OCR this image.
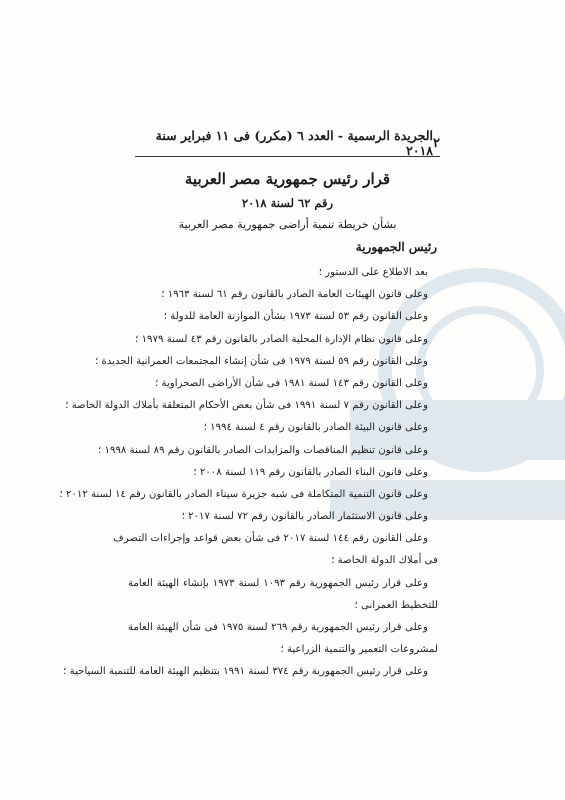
٢
الجريدة الرسمية - العدد ٦ (مكرر) فى ١١ فبراير سنة ٢٠١٨
قرار رئيس جمهورية مصر العربية
رقم ٦٢ لسنة ٢٠١٨
بشأن خريطة تنمية أراضى جمهورية مصر العربية
رئيس الجمهورية
بعد الاطلاع على الدستور ؛
وعلى قانون الهيئات العامة الصادر بالقانون رقم ٦١ لسنة ١٩٦٣ ؛
وعلى القانون رقم ٥٣ لسنة ١٩٧٣ بشأن الموازنة العامة للدولة ؛
وعلى قانون نظام الإدارة المحلية الصادر بالقانون رقم ٤٣ لسنة ١٩٧٩ ؛
وعلى القانون رقم ٥٩ لسنة ١٩٧٩ فى شأن إنشاء المجتمعات العمرانية الجديدة ؛
وعلى القانون رقم ١٤٣ لسنة ١٩٨١ فى شأن الأراضى الصحراوية ؛
وعلى القانون رقم ٧ لسنة ١٩٩١ فى شأن بعض الأحكام المتعلقة بأملاك الدولة الخاصة ؛
وعلى قانون البيئة الصادر بالقانون رقم ٤ لسنة ١٩٩٤ ؛
وعلى قانون تنظيم المناقصات والمزايدات الصادر بالقانون رقم ٨٩ لسنة ١٩٩٨ ؛
وعلى قانون البناء الصادر بالقانون رقم ١١٩ لسنة ٢٠٠٨ ؛
وعلى قانون التنمية المتكاملة فى شبه جزيرة سيناء الصادر بالقانون رقم ١٤ لسنة ٢٠١٢ ؛
وعلى قانون الاستثمار الصادر بالقانون رقم ٧٢ لسنة ٢٠١٧ ؛
وعلى القانون رقم ١٤٤ لسنة ٢٠١٧ فى شأن بعض قواعد وإجراءات التصرف
فى أملاك الدولة الخاصة ؛
وعلى قرار رئيس الجمهورية رقم ١٠٩٣ لسنة ١٩٧٣ بإنشاء الهيئة العامة
للتخطيط العمرانى ؛
وعلى قرار رئيس الجمهورية رقم ٢٦٩ لسنة ١٩٧٥ فى شأن الهيئة العامة
لمشروعات التعمير والتنمية الزراعية ؛
وعلى قرار رئيس الجمهورية رقم ٣٧٤ لسنة ١٩٩١ بتنظيم الهيئة العامة للتنمية السياحية ؛
